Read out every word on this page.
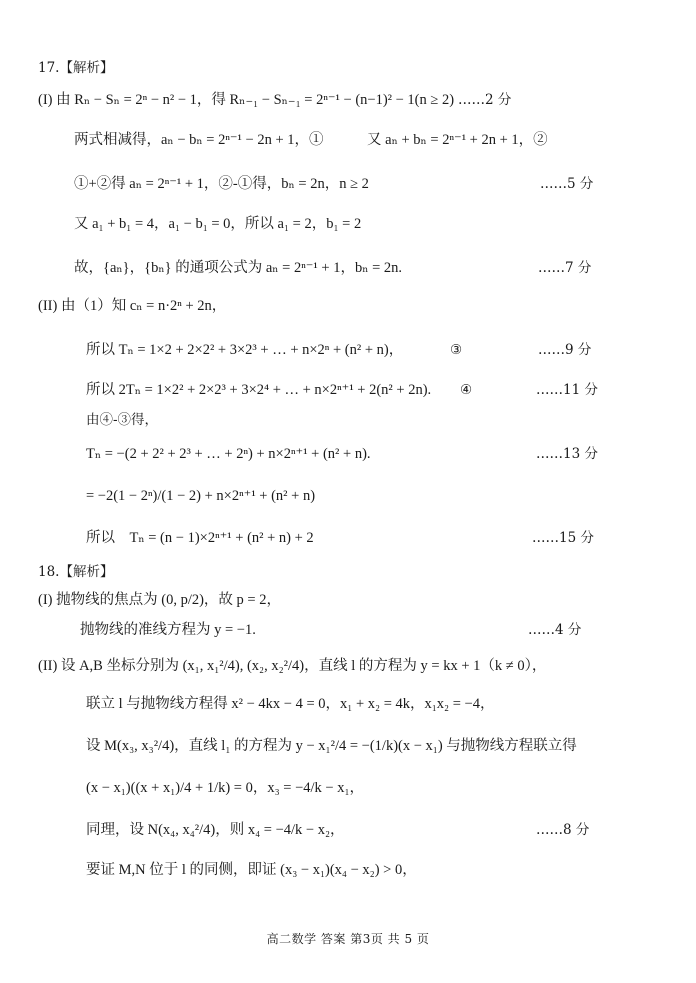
17.【解析】
(I) 由 Rₙ − Sₙ = 2ⁿ − n² − 1，得 Rₙ₋₁ − Sₙ₋₁ = 2ⁿ⁻¹ − (n−1)² − 1(n ≥ 2) ……2 分
两式相减得，aₙ − bₙ = 2ⁿ⁻¹ − 2n + 1，①　　　又 aₙ + bₙ = 2ⁿ⁻¹ + 2n + 1，②
①+②得 aₙ = 2ⁿ⁻¹ + 1，②-①得，bₙ = 2n，n ≥ 2	……5 分
又 a₁ + b₁ = 4，a₁ − b₁ = 0，所以 a₁ = 2，b₁ = 2
故，{aₙ}，{bₙ} 的通项公式为 aₙ = 2ⁿ⁻¹ + 1，bₙ = 2n.	……7 分
(II) 由（1）知 cₙ = n·2ⁿ + 2n，
所以 Tₙ = 1×2 + 2×2² + 3×2³ + … + n×2ⁿ + (n² + n)，	③	……9 分
所以 2Tₙ = 1×2² + 2×2³ + 3×2⁴ + … + n×2ⁿ⁺¹ + 2(n² + 2n). ④	……11 分
由④-③得，
Tₙ = −(2 + 2² + 2³ + … + 2ⁿ) + n×2ⁿ⁺¹ + (n² + n).	……13 分
= −2(1 − 2ⁿ)/(1 − 2) + n×2ⁿ⁺¹ + (n² + n)
所以　Tₙ = (n − 1)×2ⁿ⁺¹ + (n² + n) + 2	……15 分
18.【解析】
(I) 抛物线的焦点为 (0, p/2)，故 p = 2，
抛物线的准线方程为 y = −1.	……4 分
(II) 设 A,B 坐标分别为 (x₁, x₁²/4), (x₂, x₂²/4)，直线 l 的方程为 y = kx + 1（k ≠ 0），
联立 l 与抛物线方程得 x² − 4kx − 4 = 0，x₁ + x₂ = 4k，x₁x₂ = −4，
设 M(x₃, x₃²/4)，直线 l₁ 的方程为 y − x₁²/4 = −(1/k)(x − x₁) 与抛物线方程联立得
(x − x₁)((x + x₁)/4 + 1/k) = 0，x₃ = −4/k − x₁，
同理，设 N(x₄, x₄²/4)，则 x₄ = −4/k − x₂，	……8 分
要证 M,N 位于 l 的同侧，即证 (x₃ − x₁)(x₄ − x₂) > 0，
高二数学 答案 第3页 共 5 页
